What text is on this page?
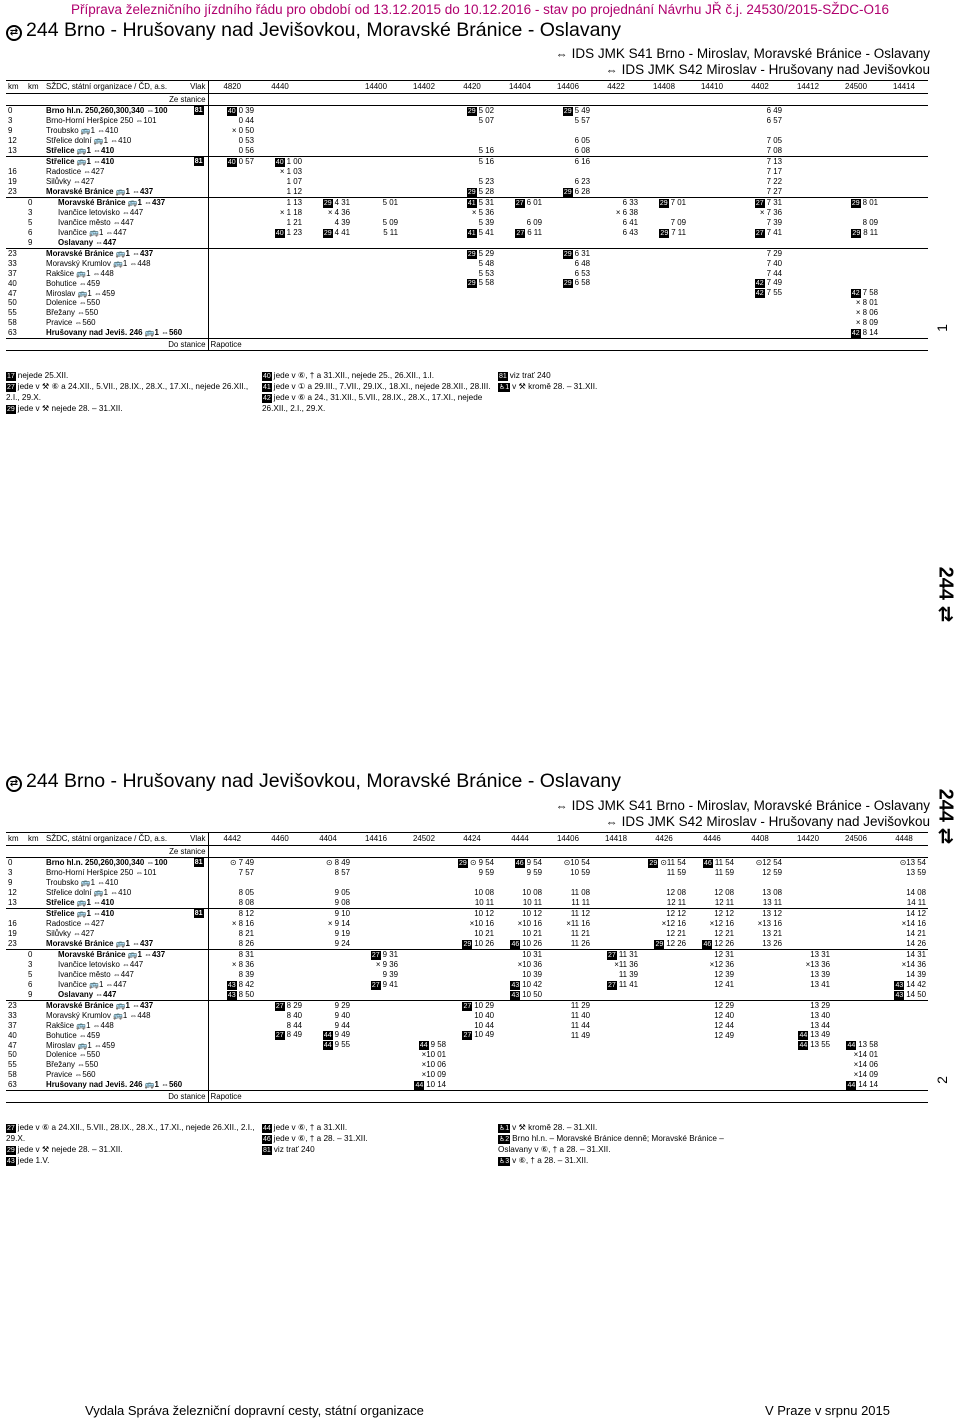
Příprava železničního jízdního řádu pro období od 13.12.2015 do 10.12.2016 - stav po projednání Návrhu JŘ č.j. 24530/2015-SŽDC-O16
⇄ 244 Brno - Hrušovany nad Jevišovkou, Moravské Bránice - Oslavany
⇔ IDS JMK S41 Brno - Miroslav, Moravské Bránice - Oslavany
⇔ IDS JMK S42 Miroslav - Hrušovany nad Jevišovkou
km	km	SŽDC, státní organizace / ČD, a.s. Vlak	4820	4440		14400	14402	4420	14404	14406	4422	14408	14410	4402	14412	24500	14414
		Ze stanice															
0		Brno hl.n. 250,260,300,340 ⇔100 81	40 0 39					29 5 02		29 5 49				6 49			
3		Brno-Horní Heršpice 250 ⇔101	0 44					5 07		5 57				6 57			
9		Troubsko 🚌1 ⇔410	× 0 50														
12		Střelice dolní 🚌1 ⇔410	0 53							6 05				7 05			
13		Střelice 🚌1 ⇔410	0 56					5 16		6 08				7 08			
		Střelice 🚌1 ⇔410 81	40 0 57	40 1 00				5 16		6 16				7 13			
16		Radostice ⇔427		× 1 03										7 17			
19		Silůvky ⇔427		1 07				5 23		6 23				7 22			
23		Moravské Bránice 🚌1 ⇔437		1 12				29 5 28		29 6 28				7 27			
	0	Moravské Bránice 🚌1 ⇔437		1 13	29 4 31	5 01		41 5 31	27 6 01		6 33	29 7 01		27 7 31		29 8 01	
	3	Ivančice letovisko ⇔447		× 1 18	× 4 36			× 5 36			× 6 38			× 7 36			
	5	Ivančice město ⇔447		1 21	4 39	5 09		5 39	6 09		6 41	7 09		7 39		8 09	
	6	Ivančice 🚌1 ⇔447		40 1 23	29 4 41	5 11		41 5 41	27 6 11		6 43	29 7 11		27 7 41		29 8 11	
	9	Oslavany ⇔447															
23		Moravské Bránice 🚌1 ⇔437						29 5 29		29 6 31				7 29			
33		Moravský Krumlov 🚌1 ⇔448						5 48		6 48				7 40			
37		Rakšice 🚌1 ⇔448						5 53		6 53				7 44			
40		Bohutice ⇔459						29 5 58		29 6 58				42 7 49			
47		Miroslav 🚌1 ⇔459												42 7 55		42 7 58	
50		Dolenice ⇔550														× 8 01	
55		Břežany ⇔550														× 8 06	
58		Pravice ⇔560														× 8 09	
63		Hrušovany nad Jeviš. 246 🚌1 ⇔560														42 8 14	
		Do stanice	Rapotice														

17 nejede 25.XII.

27 jede v ⚒ ⑥ a 24.XII., 5.VII., 28.IX., 28.X., 17.XI., nejede 26.XII., 2.I., 29.X.

29 jede v ⚒ nejede 28. – 31.XII.

40 jede v ⑥, † a 31.XII., nejede 25., 26.XII., 1.I.

41 jede v ① a 29.III., 7.VII., 29.IX., 18.XI., nejede 28.XII., 28.III.

42 jede v ⑥ a 24., 31.XII., 5.VII., 28.IX., 28.X., 17.XI., nejede 26.XII., 2.I., 29.X.

81 viz trať 240

♿1 v ⚒ kromě 28. – 31.XII.

⇄ 244 Brno - Hrušovany nad Jevišovkou, Moravské Bránice - Oslavany
⇔ IDS JMK S41 Brno - Miroslav, Moravské Bránice - Oslavany
⇔ IDS JMK S42 Miroslav - Hrušovany nad Jevišovkou
km	km	SŽDC, státní organizace / ČD, a.s. Vlak	4442	4460	4404	14416	24502	4424	4444	14406	14418	4426	4446	4408	14420	24506	4448
		Ze stanice															
0		Brno hl.n. 250,260,300,340 ⇔100 81	⊙ 7 49		⊙ 8 49			29 ⊙ 9 54	46 9 54	⊙10 54		29 ⊙11 54	46 11 54	⊙12 54			⊙13 54
3		Brno-Horní Heršpice 250 ⇔101	7 57		8 57			9 59	9 59	10 59		11 59	11 59	12 59			13 59
9		Troubsko 🚌1 ⇔410															
12		Střelice dolní 🚌1 ⇔410	8 05		9 05			10 08	10 08	11 08		12 08	12 08	13 08			14 08
13		Střelice 🚌1 ⇔410	8 08		9 08			10 11	10 11	11 11		12 11	12 11	13 11			14 11
		Střelice 🚌1 ⇔410 81	8 12		9 10			10 12	10 12	11 12		12 12	12 12	13 12			14 12
16		Radostice ⇔427	× 8 16		× 9 14			×10 16	×10 16	×11 16		×12 16	×12 16	×13 16			×14 16
19		Silůvky ⇔427	8 21		9 19			10 21	10 21	11 21		12 21	12 21	13 21			14 21
23		Moravské Bránice 🚌1 ⇔437	8 26		9 24			29 10 26	46 10 26	11 26		29 12 26	46 12 26	13 26			14 26
	0	Moravské Bránice 🚌1 ⇔437	8 31			27 9 31			10 31		27 11 31		12 31		13 31		14 31
	3	Ivančice letovisko ⇔447	× 8 36			× 9 36			×10 36		×11 36		×12 36		×13 36		×14 36
	5	Ivančice město ⇔447	8 39			9 39			10 39		11 39		12 39		13 39		14 39
	6	Ivančice 🚌1 ⇔447	43 8 42			27 9 41			43 10 42		27 11 41		12 41		13 41		43 14 42
	9	Oslavany ⇔447	43 8 50						43 10 50								43 14 50
23		Moravské Bránice 🚌1 ⇔437		27 8 29	9 29			27 10 29		11 29			12 29		13 29		
33		Moravský Krumlov 🚌1 ⇔448		8 40	9 40			10 40		11 40			12 40		13 40		
37		Rakšice 🚌1 ⇔448		8 44	9 44			10 44		11 44			12 44		13 44		
40		Bohutice ⇔459		27 8 49	44 9 49			27 10 49		11 49			12 49		44 13 49		
47		Miroslav 🚌1 ⇔459			44 9 55		44 9 58								44 13 55	44 13 58	
50		Dolenice ⇔550					×10 01									×14 01	
55		Břežany ⇔550					×10 06									×14 06	
58		Pravice ⇔560					×10 09									×14 09	
63		Hrušovany nad Jeviš. 246 🚌1 ⇔560					44 10 14									44 14 14	
		Do stanice	Rapotice														

27 jede v ⑥ a 24.XII., 5.VII., 28.IX., 28.X., 17.XI., nejede 26.XII., 2.I., 29.X.

29 jede v ⚒ nejede 28. – 31.XII.

43 jede 1.V.

44 jede v ⑥, † a 31.XII.

46 jede v ⑥, † a 28. – 31.XII.

81 viz trať 240

♿1 v ⚒ kromě 28. – 31.XII.

♿2 Brno hl.n. – Moravské Bránice denně; Moravské Bránice – Oslavany v ⑥, † a 28. – 31.XII.

♿3 v ⑥, † a 28. – 31.XII.

1
244 ⇄
244 ⇄
2
Vydala Správa železniční dopravní cesty, státní organizace	V Praze v srpnu 2015
